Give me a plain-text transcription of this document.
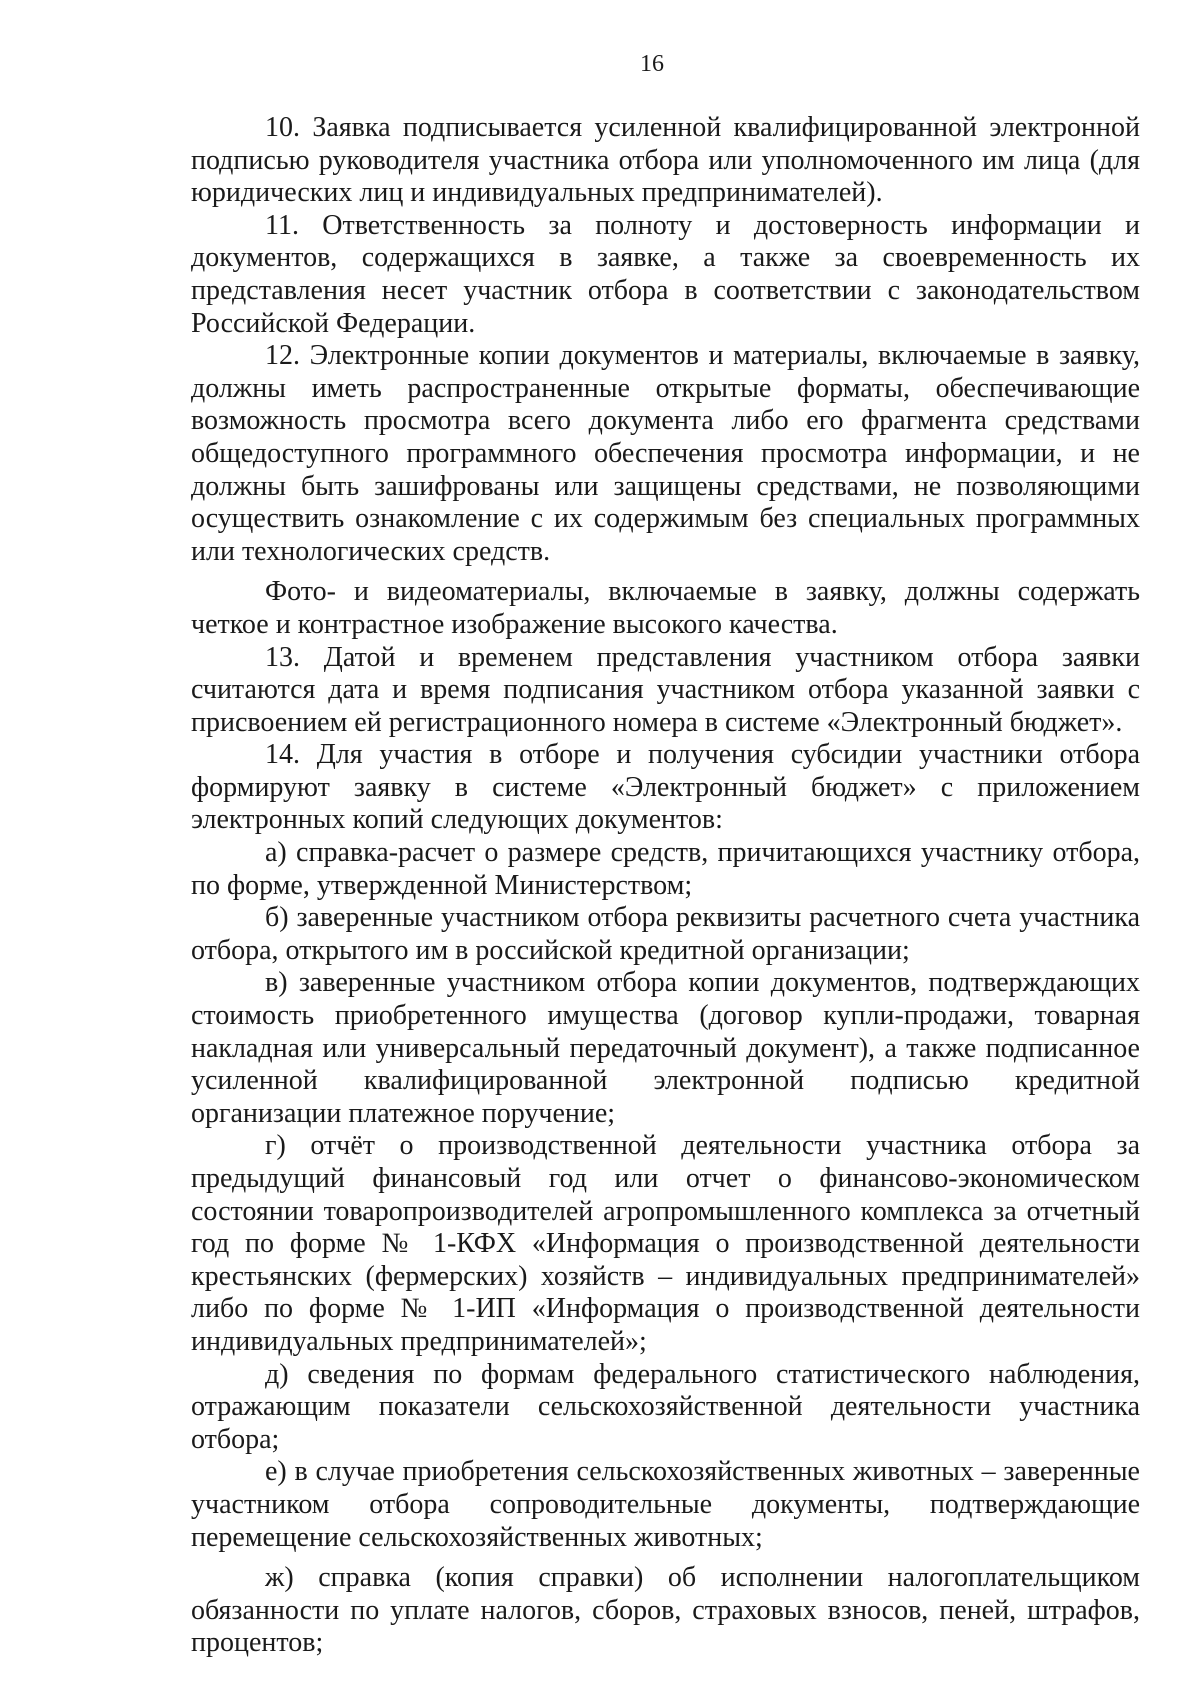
16

10. Заявка подписывается усиленной квалифицированной электронной подписью руководителя участника отбора или уполномоченного им лица (для юридических лиц и индивидуальных предпринимателей).

11. Ответственность за полноту и достоверность информации и документов, содержащихся в заявке, а также за своевременность их представления несет участник отбора в соответствии с законодательством Российской Федерации.

12. Электронные копии документов и материалы, включаемые в заявку, должны иметь распространенные открытые форматы, обеспечивающие возможность просмотра всего документа либо его фрагмента средствами общедоступного программного обеспечения просмотра информации, и не должны быть зашифрованы или защищены средствами, не позволяющими осуществить ознакомление с их содержимым без специальных программных или технологических средств.

Фото- и видеоматериалы, включаемые в заявку, должны содержать четкое и контрастное изображение высокого качества.

13. Датой и временем представления участником отбора заявки считаются дата и время подписания участником отбора указанной заявки с присвоением ей регистрационного номера в системе «Электронный бюджет».

14. Для участия в отборе и получения субсидии участники отбора формируют заявку в системе «Электронный бюджет» с приложением электронных копий следующих документов:

а) справка-расчет о размере средств, причитающихся участнику отбора, по форме, утвержденной Министерством;

б) заверенные участником отбора реквизиты расчетного счета участника отбора, открытого им в российской кредитной организации;

в) заверенные участником отбора копии документов, подтверждающих стоимость приобретенного имущества (договор купли-продажи, товарная накладная или универсальный передаточный документ), а также подписанное усиленной квалифицированной электронной подписью кредитной организации платежное поручение;

г) отчёт о производственной деятельности участника отбора за предыдущий финансовый год или отчет о финансово-экономическом состоянии товаропроизводителей агропромышленного комплекса за отчетный год по форме № 1-КФХ «Информация о производственной деятельности крестьянских (фермерских) хозяйств – индивидуальных предпринимателей» либо по форме № 1-ИП «Информация о производственной деятельности индивидуальных предпринимателей»;

д) сведения по формам федерального статистического наблюдения, отражающим показатели сельскохозяйственной деятельности участника отбора;

е) в случае приобретения сельскохозяйственных животных – заверенные участником отбора сопроводительные документы, подтверждающие перемещение сельскохозяйственных животных;

ж) справка (копия справки) об исполнении налогоплательщиком обязанности по уплате налогов, сборов, страховых взносов, пеней, штрафов, процентов;
